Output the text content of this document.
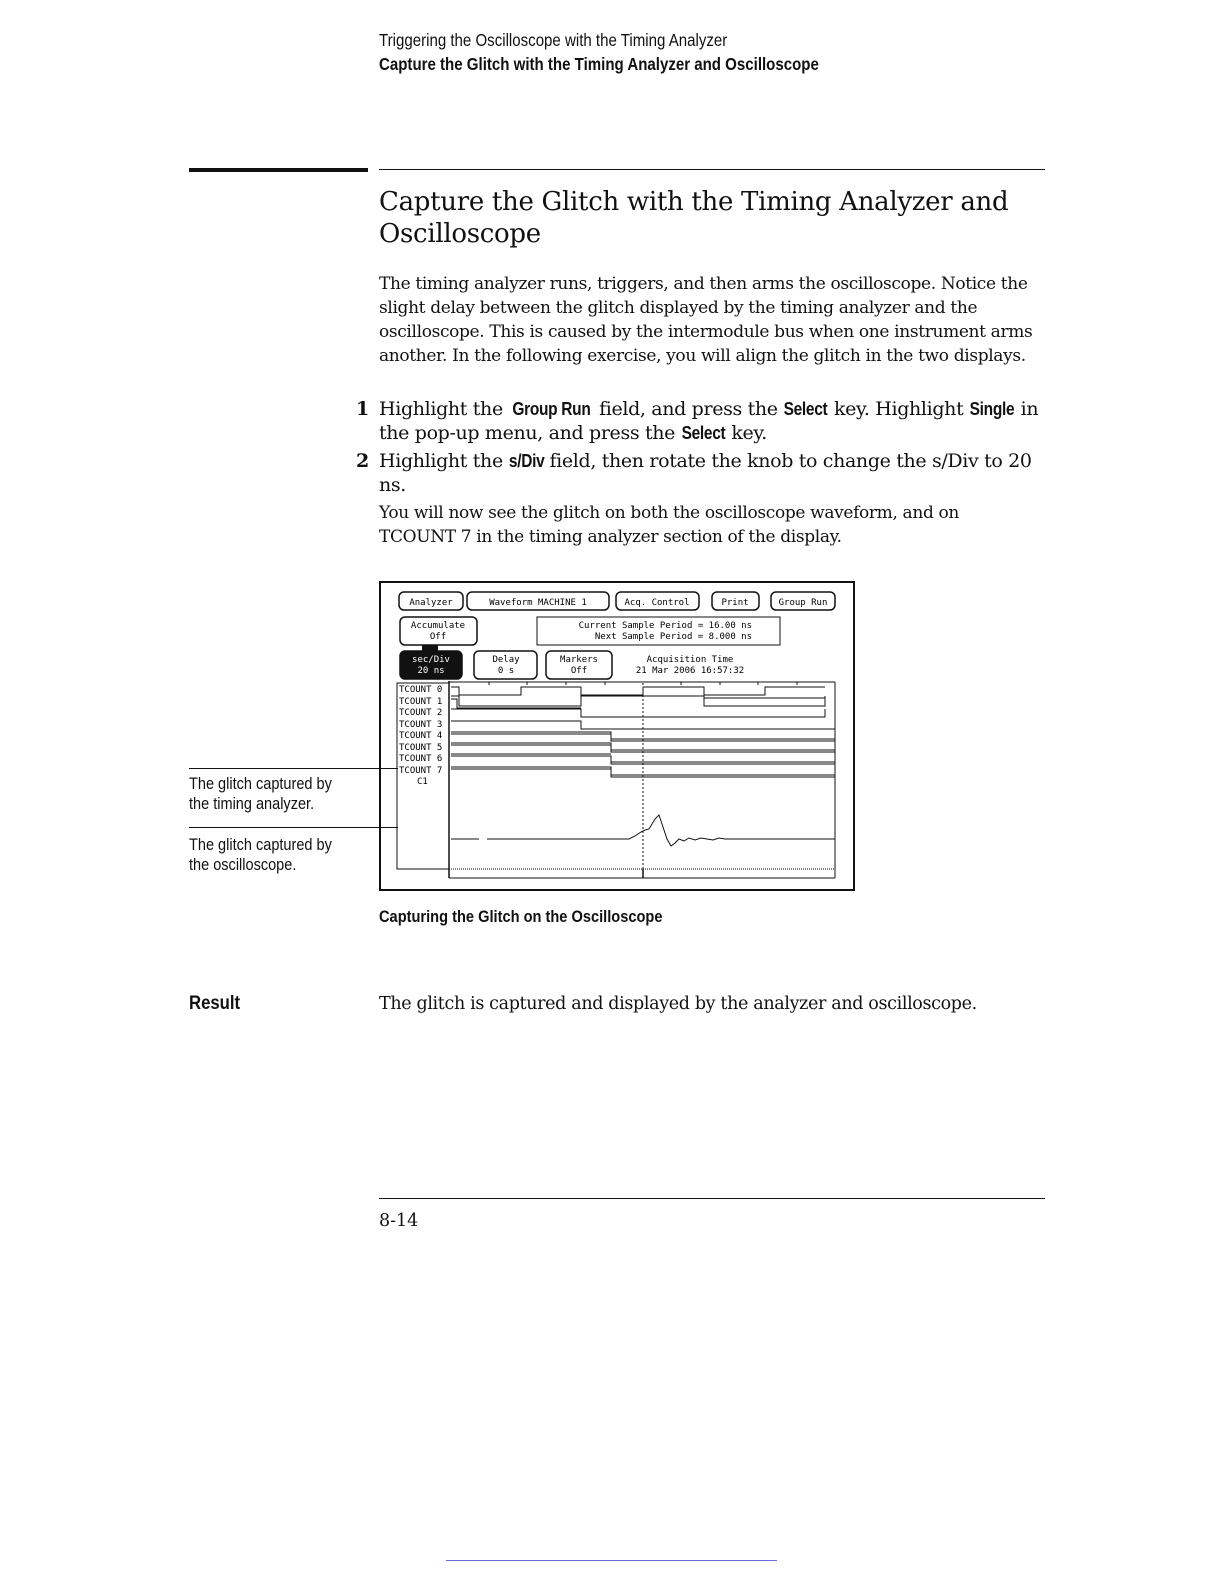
Triggering the Oscilloscope with the Timing Analyzer
Capture the Glitch with the Timing Analyzer and Oscilloscope
Capture the Glitch with the Timing Analyzer and Oscilloscope
The timing analyzer runs, triggers, and then arms the oscilloscope. Notice the slight delay between the glitch displayed by the timing analyzer and the oscilloscope. This is caused by the intermodule bus when one instrument arms another. In the following exercise, you will align the glitch in the two displays.
1 Highlight the Group Run field, and press the Select key. Highlight Single in the pop-up menu, and press the Select key.
2 Highlight the s/Div field, then rotate the knob to change the s/Div to 20 ns.
You will now see the glitch on both the oscilloscope waveform, and on TCOUNT 7 in the timing analyzer section of the display.
Analyzer	Waveform MACHINE 1	Acq. Control	Print	Group Run
Accumulate
Off
Current Sample Period = 16.00 ns
Next Sample Period = 8.000 ns
sec/Div
20 ns
Delay
0 s
Markers
Off
Acquisition Time
21 Mar 2006 16:57:32
TCOUNT 0
TCOUNT 1
TCOUNT 2
TCOUNT 3
TCOUNT 4
TCOUNT 5
TCOUNT 6
TCOUNT 7
C1
The glitch captured by
the timing analyzer.
The glitch captured by
the oscilloscope.
Capturing the Glitch on the Oscilloscope
Result	The glitch is captured and displayed by the analyzer and oscilloscope.
8-14
